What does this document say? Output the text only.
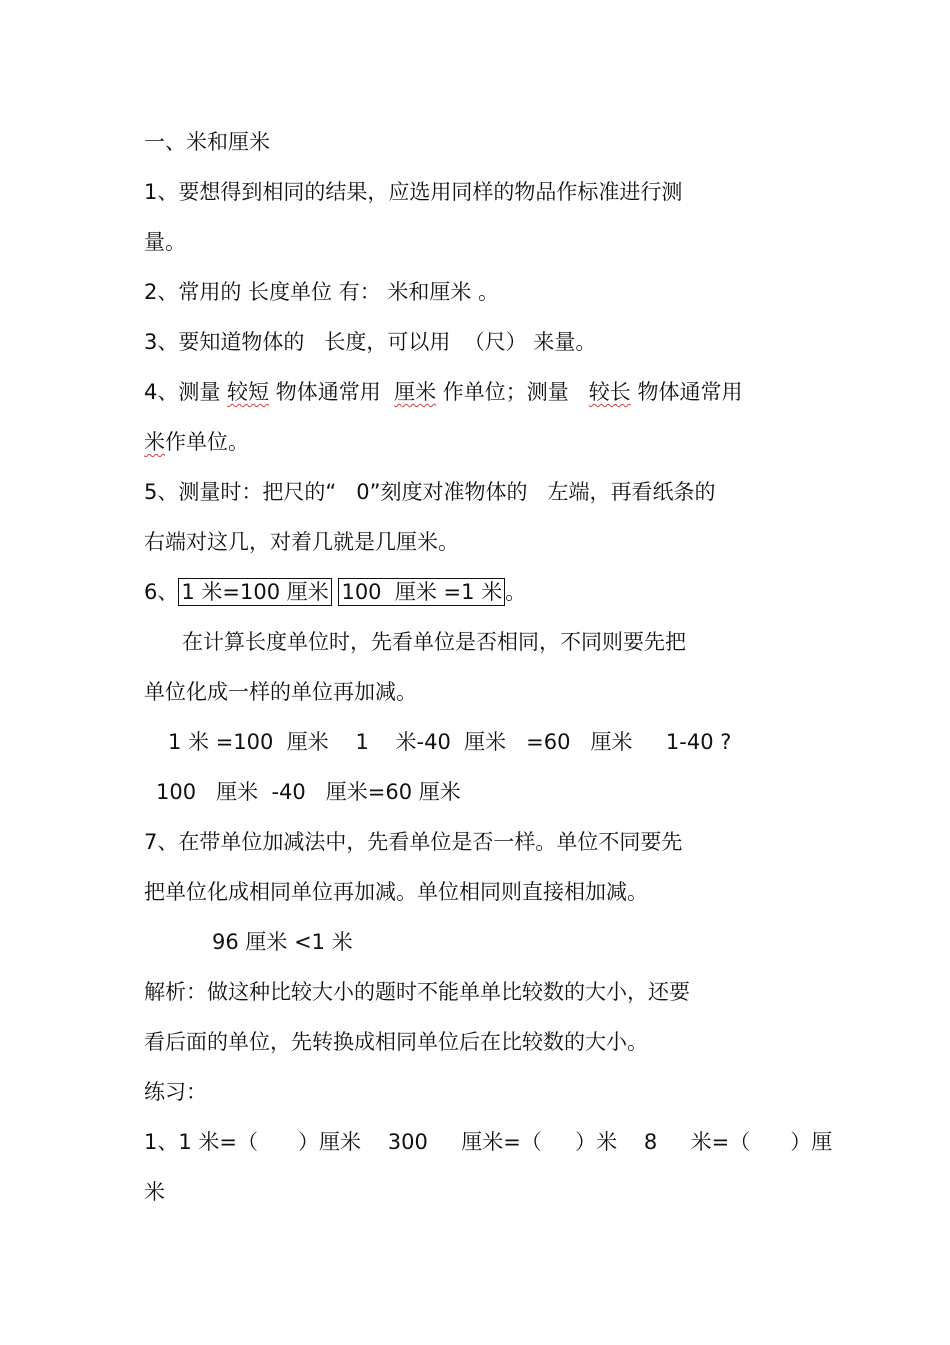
一、米和厘米
1、要想得到相同的结果，应选用同样的物品作标准进行测
量。
2、常用的 长度单位 有： 米和厘米 。
3、要知道物体的   长度，可以用  （尺） 来量。
4、测量 较短 物体通常用  厘米 作单位；测量   较长 物体通常用
米作单位。
5、测量时：把尺的“   0”刻度对准物体的   左端，再看纸条的
右端对这几，对着几就是几厘米。
6、 1 米=100 厘米 100  厘米 =1 米 。
在计算长度单位时，先看单位是否相同，不同则要先把
单位化成一样的单位再加减。
1 米 =100  厘米    1    米-40  厘米   =60   厘米     1-40 ?
100   厘米  -40   厘米=60 厘米
7、在带单位加减法中，先看单位是否一样。单位不同要先
把单位化成相同单位再加减。单位相同则直接相加减。
96 厘米 <1 米
解析：做这种比较大小的题时不能单单比较数的大小，还要
看后面的单位，先转换成相同单位后在比较数的大小。
练习：
1、1 米=（      ）厘米    300     厘米=（     ）米    8     米=（      ）厘
米
